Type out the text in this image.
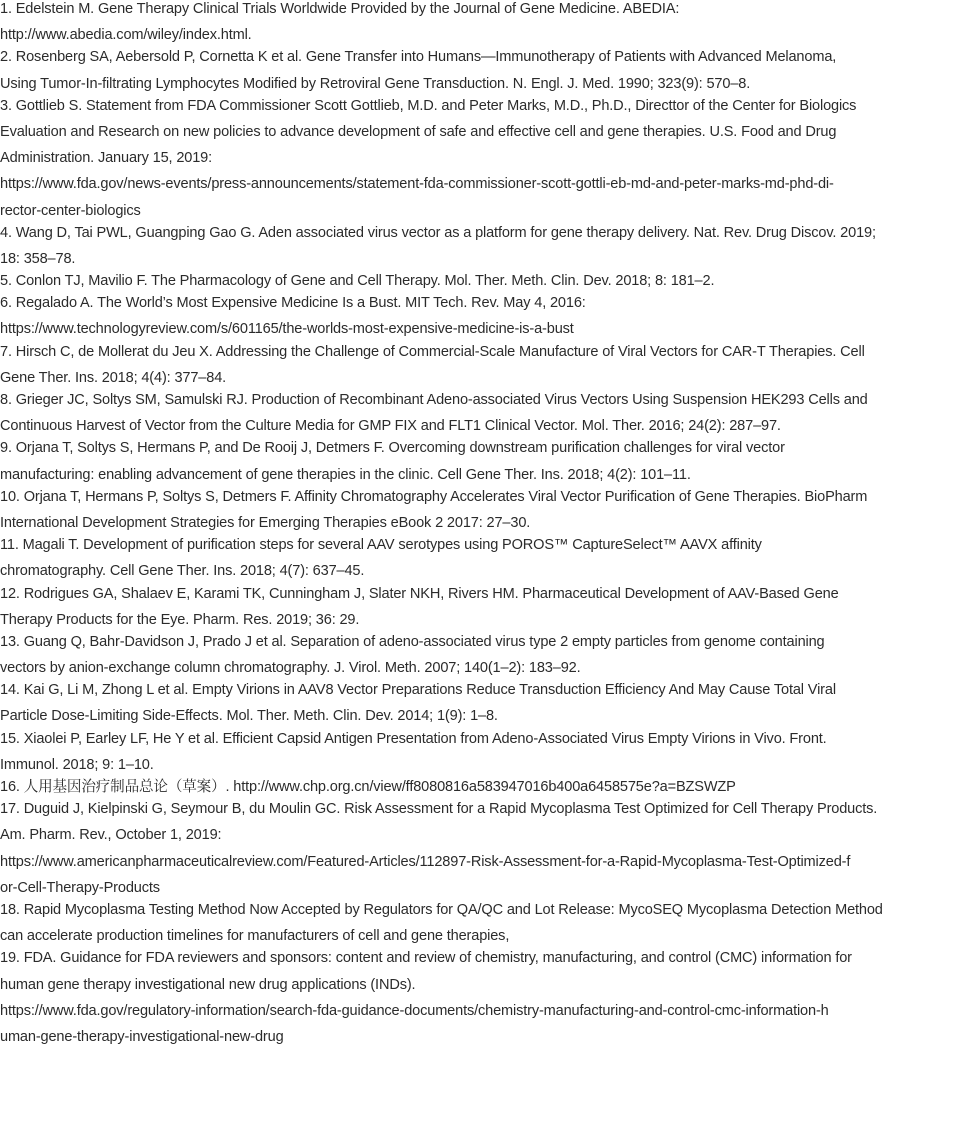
1. Edelstein M. Gene Therapy Clinical Trials Worldwide Provided by the Journal of Gene Medicine. ABEDIA:
http://www.abedia.com/wiley/index.html.
2. Rosenberg SA, Aebersold P, Cornetta K et al. Gene Transfer into Humans—Immunotherapy of Patients with Advanced Melanoma,
Using Tumor-In-filtrating Lymphocytes Modified by Retroviral Gene Transduction. N. Engl. J. Med. 1990; 323(9): 570–8.
3. Gottlieb S. Statement from FDA Commissioner Scott Gottlieb, M.D. and Peter Marks, M.D., Ph.D., Directtor of the Center for Biologics
Evaluation and Research on new policies to advance development of safe and effective cell and gene therapies. U.S. Food and Drug
Administration. January 15, 2019:
https://www.fda.gov/news-events/press-announcements/statement-fda-commissioner-scott-gottli-eb-md-and-peter-marks-md-phd-di-
rector-center-biologics
4. Wang D, Tai PWL, Guangping Gao G. Aden associated virus vector as a platform for gene therapy delivery. Nat. Rev. Drug Discov. 2019;
18: 358–78.
5. Conlon TJ, Mavilio F. The Pharmacology of Gene and Cell Therapy. Mol. Ther. Meth. Clin. Dev. 2018; 8: 181–2.
6. Regalado A. The World’s Most Expensive Medicine Is a Bust. MIT Tech. Rev. May 4, 2016:
https://www.technologyreview.com/s/601165/the-worlds-most-expensive-medicine-is-a-bust
7. Hirsch C, de Mollerat du Jeu X. Addressing the Challenge of Commercial-Scale Manufacture of Viral Vectors for CAR-T Therapies. Cell
Gene Ther. Ins. 2018; 4(4): 377–84.
8. Grieger JC, Soltys SM, Samulski RJ. Production of Recombinant Adeno-associated Virus Vectors Using Suspension HEK293 Cells and
Continuous Harvest of Vector from the Culture Media for GMP FIX and FLT1 Clinical Vector. Mol. Ther. 2016; 24(2): 287–97.
9. Orjana T, Soltys S, Hermans P, and De Rooij J, Detmers F. Overcoming downstream purification challenges for viral vector
manufacturing: enabling advancement of gene therapies in the clinic. Cell Gene Ther. Ins. 2018; 4(2): 101–11.
10. Orjana T, Hermans P, Soltys S, Detmers F. Affinity Chromatography Accelerates Viral Vector Purification of Gene Therapies. BioPharm
International Development Strategies for Emerging Therapies eBook 2 2017: 27–30.
11. Magali T. Development of purification steps for several AAV serotypes using POROS™ CaptureSelect™ AAVX affinity
chromatography. Cell Gene Ther. Ins. 2018; 4(7): 637–45.
12. Rodrigues GA, Shalaev E, Karami TK, Cunningham J, Slater NKH, Rivers HM. Pharmaceutical Development of AAV-Based Gene
Therapy Products for the Eye. Pharm. Res. 2019; 36: 29.
13. Guang Q, Bahr-Davidson J, Prado J et al. Separation of adeno-associated virus type 2 empty particles from genome containing
vectors by anion-exchange column chromatography. J. Virol. Meth. 2007; 140(1–2): 183–92.
14. Kai G, Li M, Zhong L et al. Empty Virions in AAV8 Vector Preparations Reduce Transduction Efficiency And May Cause Total Viral
Particle Dose-Limiting Side-Effects. Mol. Ther. Meth. Clin. Dev. 2014; 1(9): 1–8.
15. Xiaolei P, Earley LF, He Y et al. Efficient Capsid Antigen Presentation from Adeno-Associated Virus Empty Virions in Vivo. Front.
Immunol. 2018; 9: 1–10.
16. 人用基因治疗制品总论（草案）. http://www.chp.org.cn/view/ff8080816a583947016b400a6458575e?a=BZSWZP
17. Duguid J, Kielpinski G, Seymour B, du Moulin GC. Risk Assessment for a Rapid Mycoplasma Test Optimized for Cell Therapy Products.
Am. Pharm. Rev., October 1, 2019:
https://www.americanpharmaceuticalreview.com/Featured-Articles/112897-Risk-Assessment-for-a-Rapid-Mycoplasma-Test-Optimized-f
or-Cell-Therapy-Products
18. Rapid Mycoplasma Testing Method Now Accepted by Regulators for QA/QC and Lot Release: MycoSEQ Mycoplasma Detection Method
can accelerate production timelines for manufacturers of cell and gene therapies,
19. FDA. Guidance for FDA reviewers and sponsors: content and review of chemistry, manufacturing, and control (CMC) information for
human gene therapy investigational new drug applications (INDs).
https://www.fda.gov/regulatory-information/search-fda-guidance-documents/chemistry-manufacturing-and-control-cmc-information-h
uman-gene-therapy-investigational-new-drug
